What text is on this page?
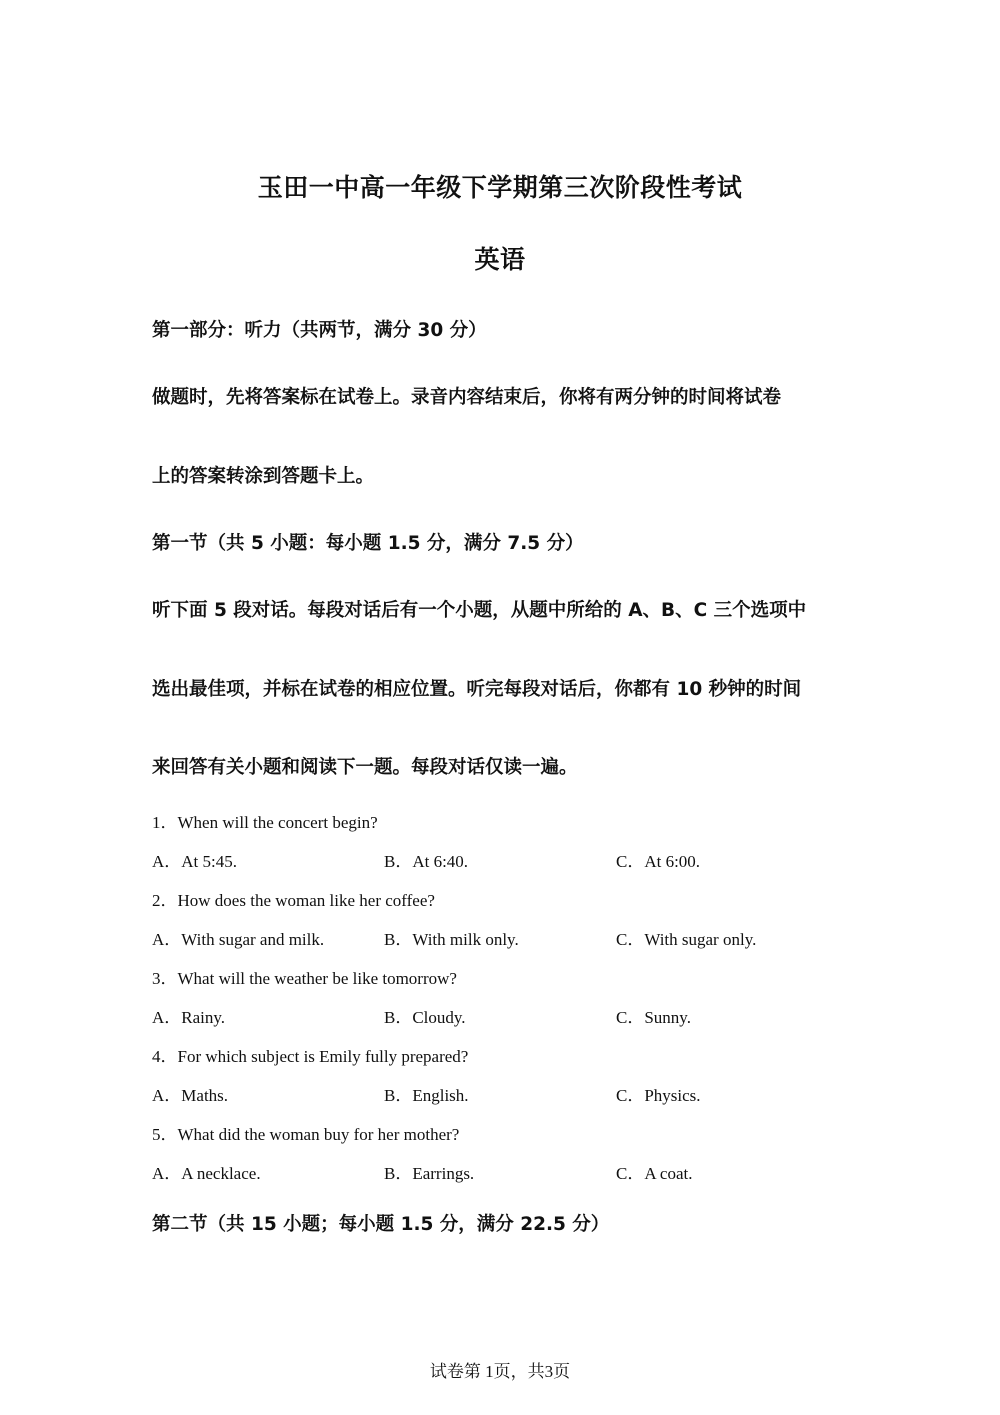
玉田一中高一年级下学期第三次阶段性考试
英语
第一部分：听力（共两节，满分 30 分）
做题时，先将答案标在试卷上。录音内容结束后，你将有两分钟的时间将试卷
上的答案转涂到答题卡上。
第一节（共 5 小题：每小题 1.5 分，满分 7.5 分）
听下面 5 段对话。每段对话后有一个小题，从题中所给的 A、B、C 三个选项中
选出最佳项，并标在试卷的相应位置。听完每段对话后，你都有 10 秒钟的时间
来回答有关小题和阅读下一题。每段对话仅读一遍。
1．When will the concert begin?
A．At 5:45.	B．At 6:40.	C．At 6:00.
2．How does the woman like her coffee?
A．With sugar and milk.	B．With milk only.	C．With sugar only.
3．What will the weather be like tomorrow?
A．Rainy.	B．Cloudy.	C．Sunny.
4．For which subject is Emily fully prepared?
A．Maths.	B．English.	C．Physics.
5．What did the woman buy for her mother?
A．A necklace.	B．Earrings.	C．A coat.
第二节（共 15 小题；每小题 1.5 分，满分 22.5 分）
试卷第 1页，共3页
